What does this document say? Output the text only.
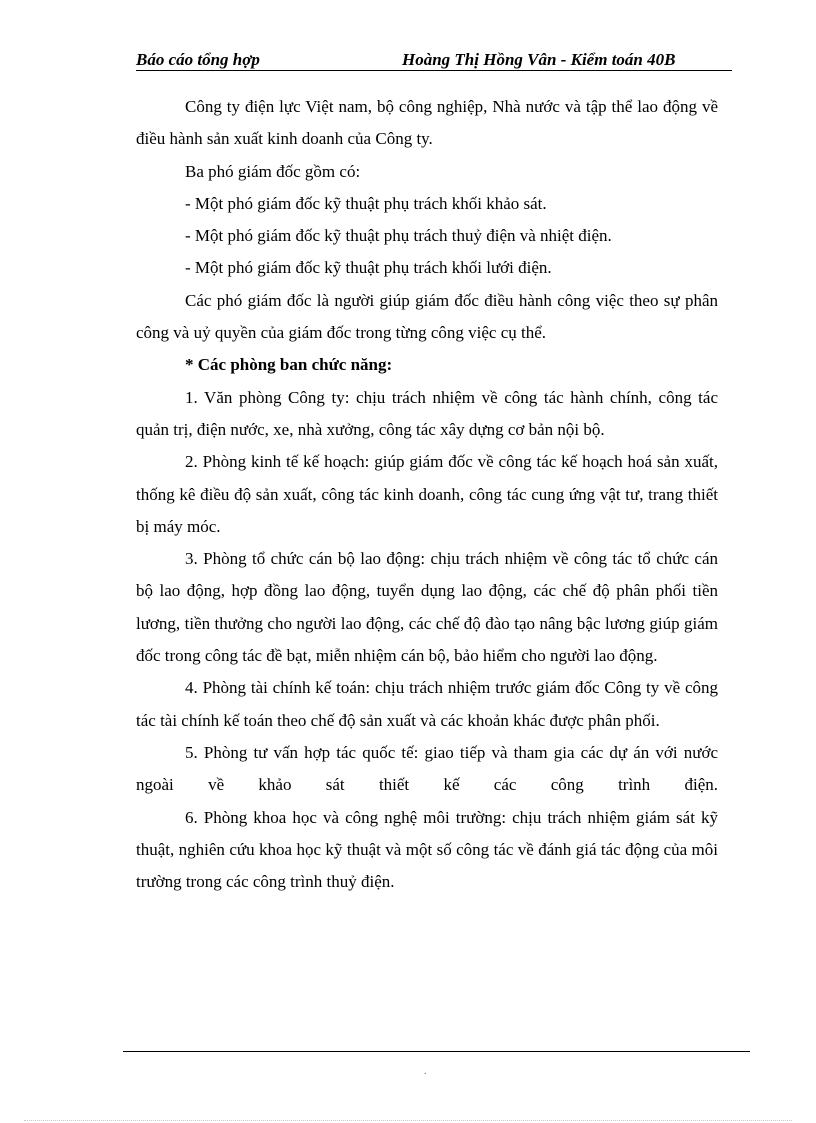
Báo cáo tổng hợp	Hoàng Thị Hồng Vân - Kiểm toán 40B

Công ty điện lực Việt nam, bộ công nghiệp, Nhà nước và tập thể lao động về điều hành sản xuất kinh doanh của Công ty.

Ba phó giám đốc gồm có:

- Một phó giám đốc kỹ thuật phụ trách khối khảo sát.

- Một phó giám đốc kỹ thuật phụ trách thuỷ điện và nhiệt điện.

- Một phó giám đốc kỹ thuật phụ trách khối lưới điện.

Các phó giám đốc là người giúp giám đốc điều hành công việc theo sự phân công và uỷ quyền của giám đốc trong từng công việc cụ thể.

* Các phòng ban chức năng:

1. Văn phòng Công ty: chịu trách nhiệm về công tác hành chính, công tác quản trị, điện nước, xe, nhà xưởng, công tác xây dựng cơ bản nội bộ.

2. Phòng kinh tế kế hoạch: giúp giám đốc về công tác kế hoạch hoá sản xuất, thống kê điều độ sản xuất, công tác kinh doanh, công tác cung ứng vật tư, trang thiết bị máy móc.

3. Phòng tổ chức cán bộ lao động: chịu trách nhiệm về công tác tổ chức cán bộ lao động, hợp đồng lao động, tuyển dụng lao động, các chế độ phân phối tiền lương, tiền thưởng cho người lao động, các chế độ đào tạo nâng bậc lương giúp giám đốc trong công tác đề bạt, miễn nhiệm cán bộ, bảo hiểm cho người lao động.

4. Phòng tài chính kế toán: chịu trách nhiệm trước giám đốc Công ty về công tác tài chính kế toán theo chế độ sản xuất và các khoản khác được phân phối.

5. Phòng tư vấn hợp tác quốc tế: giao tiếp và tham gia các dự án với nước ngoài về khảo sát thiết kế các công trình điện.

6. Phòng khoa học và công nghệ môi trường: chịu trách nhiệm giám sát kỹ thuật, nghiên cứu khoa học kỹ thuật và một số công tác về đánh giá tác động của môi trường trong các công trình thuỷ điện.

.
